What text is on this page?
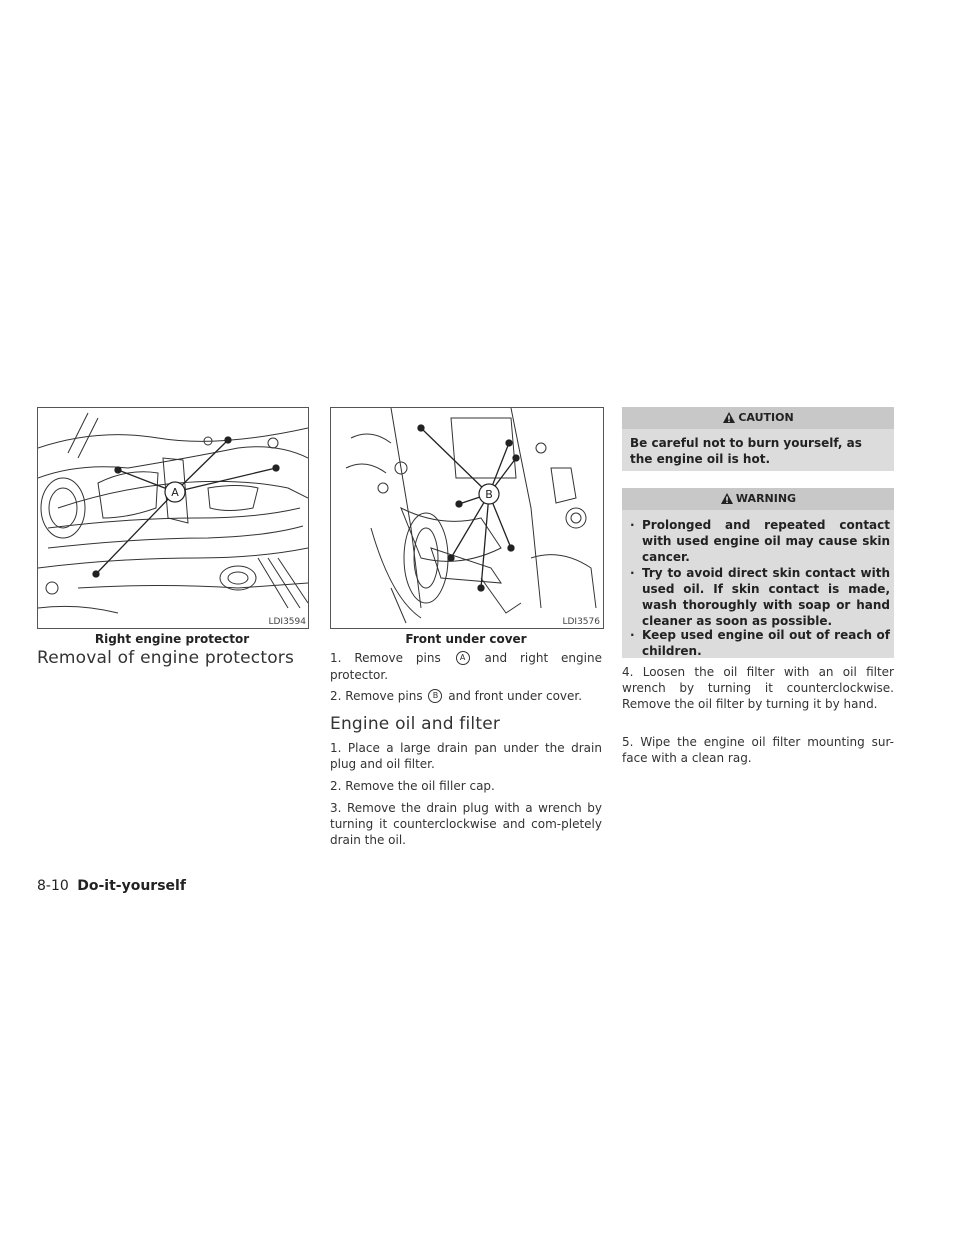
A
LDI3594
Right engine protector
B
LDI3576
Front under cover
Removal of engine protectors	1. Remove pins A and right engine protector.
2. Remove pins B and front under cover.
Engine oil and filter
1. Place a large drain pan under the drain plug and oil filter.
2. Remove the oil filler cap.
3. Remove the drain plug with a wrench by turning it counterclockwise and com-pletely drain the oil.
CAUTION
Be careful not to burn yourself, as the engine oil is hot.
WARNING
· Prolonged and repeated contact with used engine oil may cause skin cancer.
· Try to avoid direct skin contact with used oil. If skin contact is made, wash thoroughly with soap or hand cleaner as soon as possible.
· Keep used engine oil out of reach of children.
4. Loosen the oil filter with an oil filter wrench by turning it counterclockwise. Remove the oil filter by turning it by hand.
5. Wipe the engine oil filter mounting sur-face with a clean rag.
8-10 Do-it-yourself
